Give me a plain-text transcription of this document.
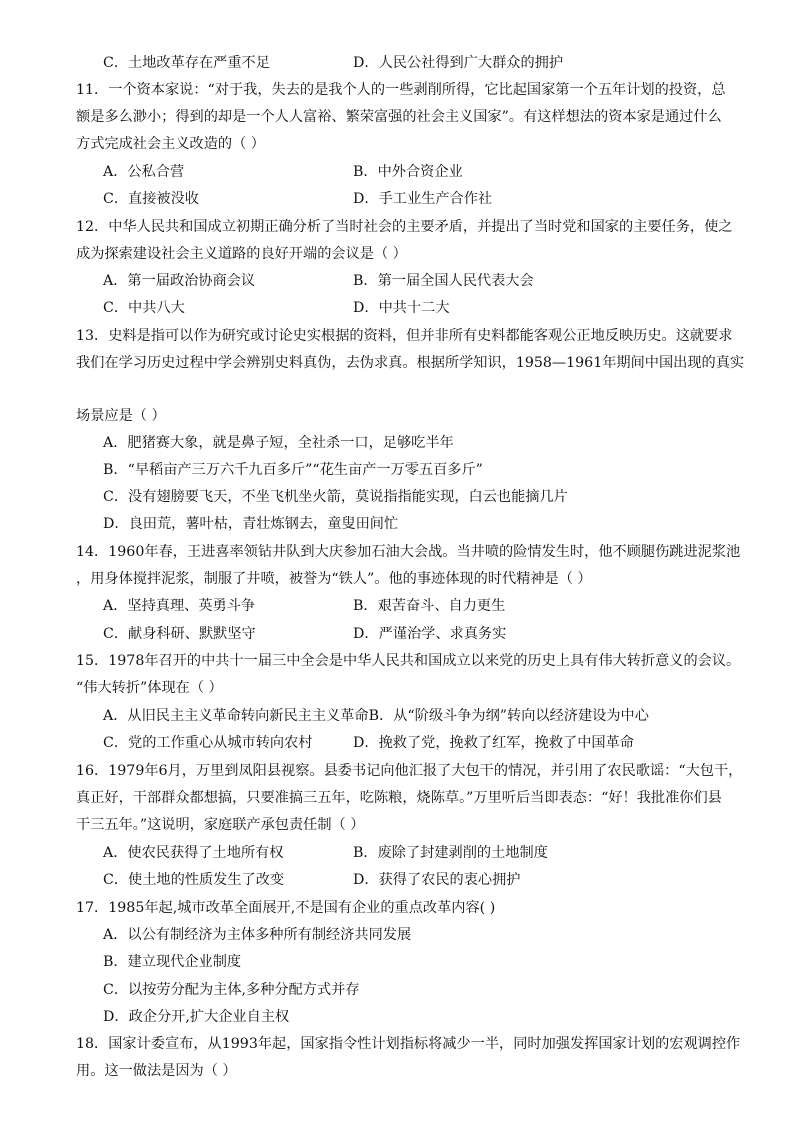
C．土地改革存在严重不足	D．人民公社得到广大群众的拥护
11．一个资本家说：“对于我，失去的是我个人的一些剥削所得，它比起国家第一个五年计划的投资，总
额是多么渺小；得到的却是一个人人富裕、繁荣富强的社会主义国家”。有这样想法的资本家是通过什么
方式完成社会主义改造的（ ）
A．公私合营	B．中外合资企业
C．直接被没收	D．手工业生产合作社
12．中华人民共和国成立初期正确分析了当时社会的主要矛盾，并提出了当时党和国家的主要任务，使之
成为探索建设社会主义道路的良好开端的会议是（ ）
A．第一届政治协商会议	B．第一届全国人民代表大会
C．中共八大	D．中共十二大
13．史料是指可以作为研究或讨论史实根据的资料，但并非所有史料都能客观公正地反映历史。这就要求
我们在学习历史过程中学会辨别史料真伪，去伪求真。根据所学知识，1958—1961年期间中国出现的真实
场景应是（ ）
A．肥猪赛大象，就是鼻子短，全社杀一口，足够吃半年
B．“早稻亩产三万六千九百多斤”“花生亩产一万零五百多斤”
C．没有翅膀要飞天，不坐飞机坐火箭，莫说指指能实现，白云也能摘几片
D．良田荒，薯叶枯，青壮炼钢去，童叟田间忙
14．1960年春，王进喜率领钻井队到大庆参加石油大会战。当井喷的险情发生时，他不顾腿伤跳进泥浆池
，用身体搅拌泥浆，制服了井喷，被誉为“铁人”。他的事迹体现的时代精神是（ ）
A．坚持真理、英勇斗争	B．艰苦奋斗、自力更生
C．献身科研、默默坚守	D．严谨治学、求真务实
15．1978年召开的中共十一届三中全会是中华人民共和国成立以来党的历史上具有伟大转折意义的会议。
“伟大转折”体现在（ ）
A．从旧民主主义革命转向新民主主义革命B．从“阶级斗争为纲”转向以经济建设为中心
C．党的工作重心从城市转向农村	D．挽救了党，挽救了红军，挽救了中国革命
16．1979年6月，万里到凤阳县视察。县委书记向他汇报了大包干的情况，并引用了农民歌谣：“大包干，
真正好，干部群众都想搞，只要准搞三五年，吃陈粮，烧陈草。”万里听后当即表态：“好！我批准你们县
干三五年。”这说明，家庭联产承包责任制（ ）
A．使农民获得了土地所有权	B．废除了封建剥削的土地制度
C．使土地的性质发生了改变	D．获得了农民的衷心拥护
17．1985年起,城市改革全面展开,不是国有企业的重点改革内容( )
A．以公有制经济为主体多种所有制经济共同发展
B．建立现代企业制度
C．以按劳分配为主体,多种分配方式并存
D．政企分开,扩大企业自主权
18．国家计委宣布，从1993年起，国家指令性计划指标将减少一半，同时加强发挥国家计划的宏观调控作
用。这一做法是因为（ ）
